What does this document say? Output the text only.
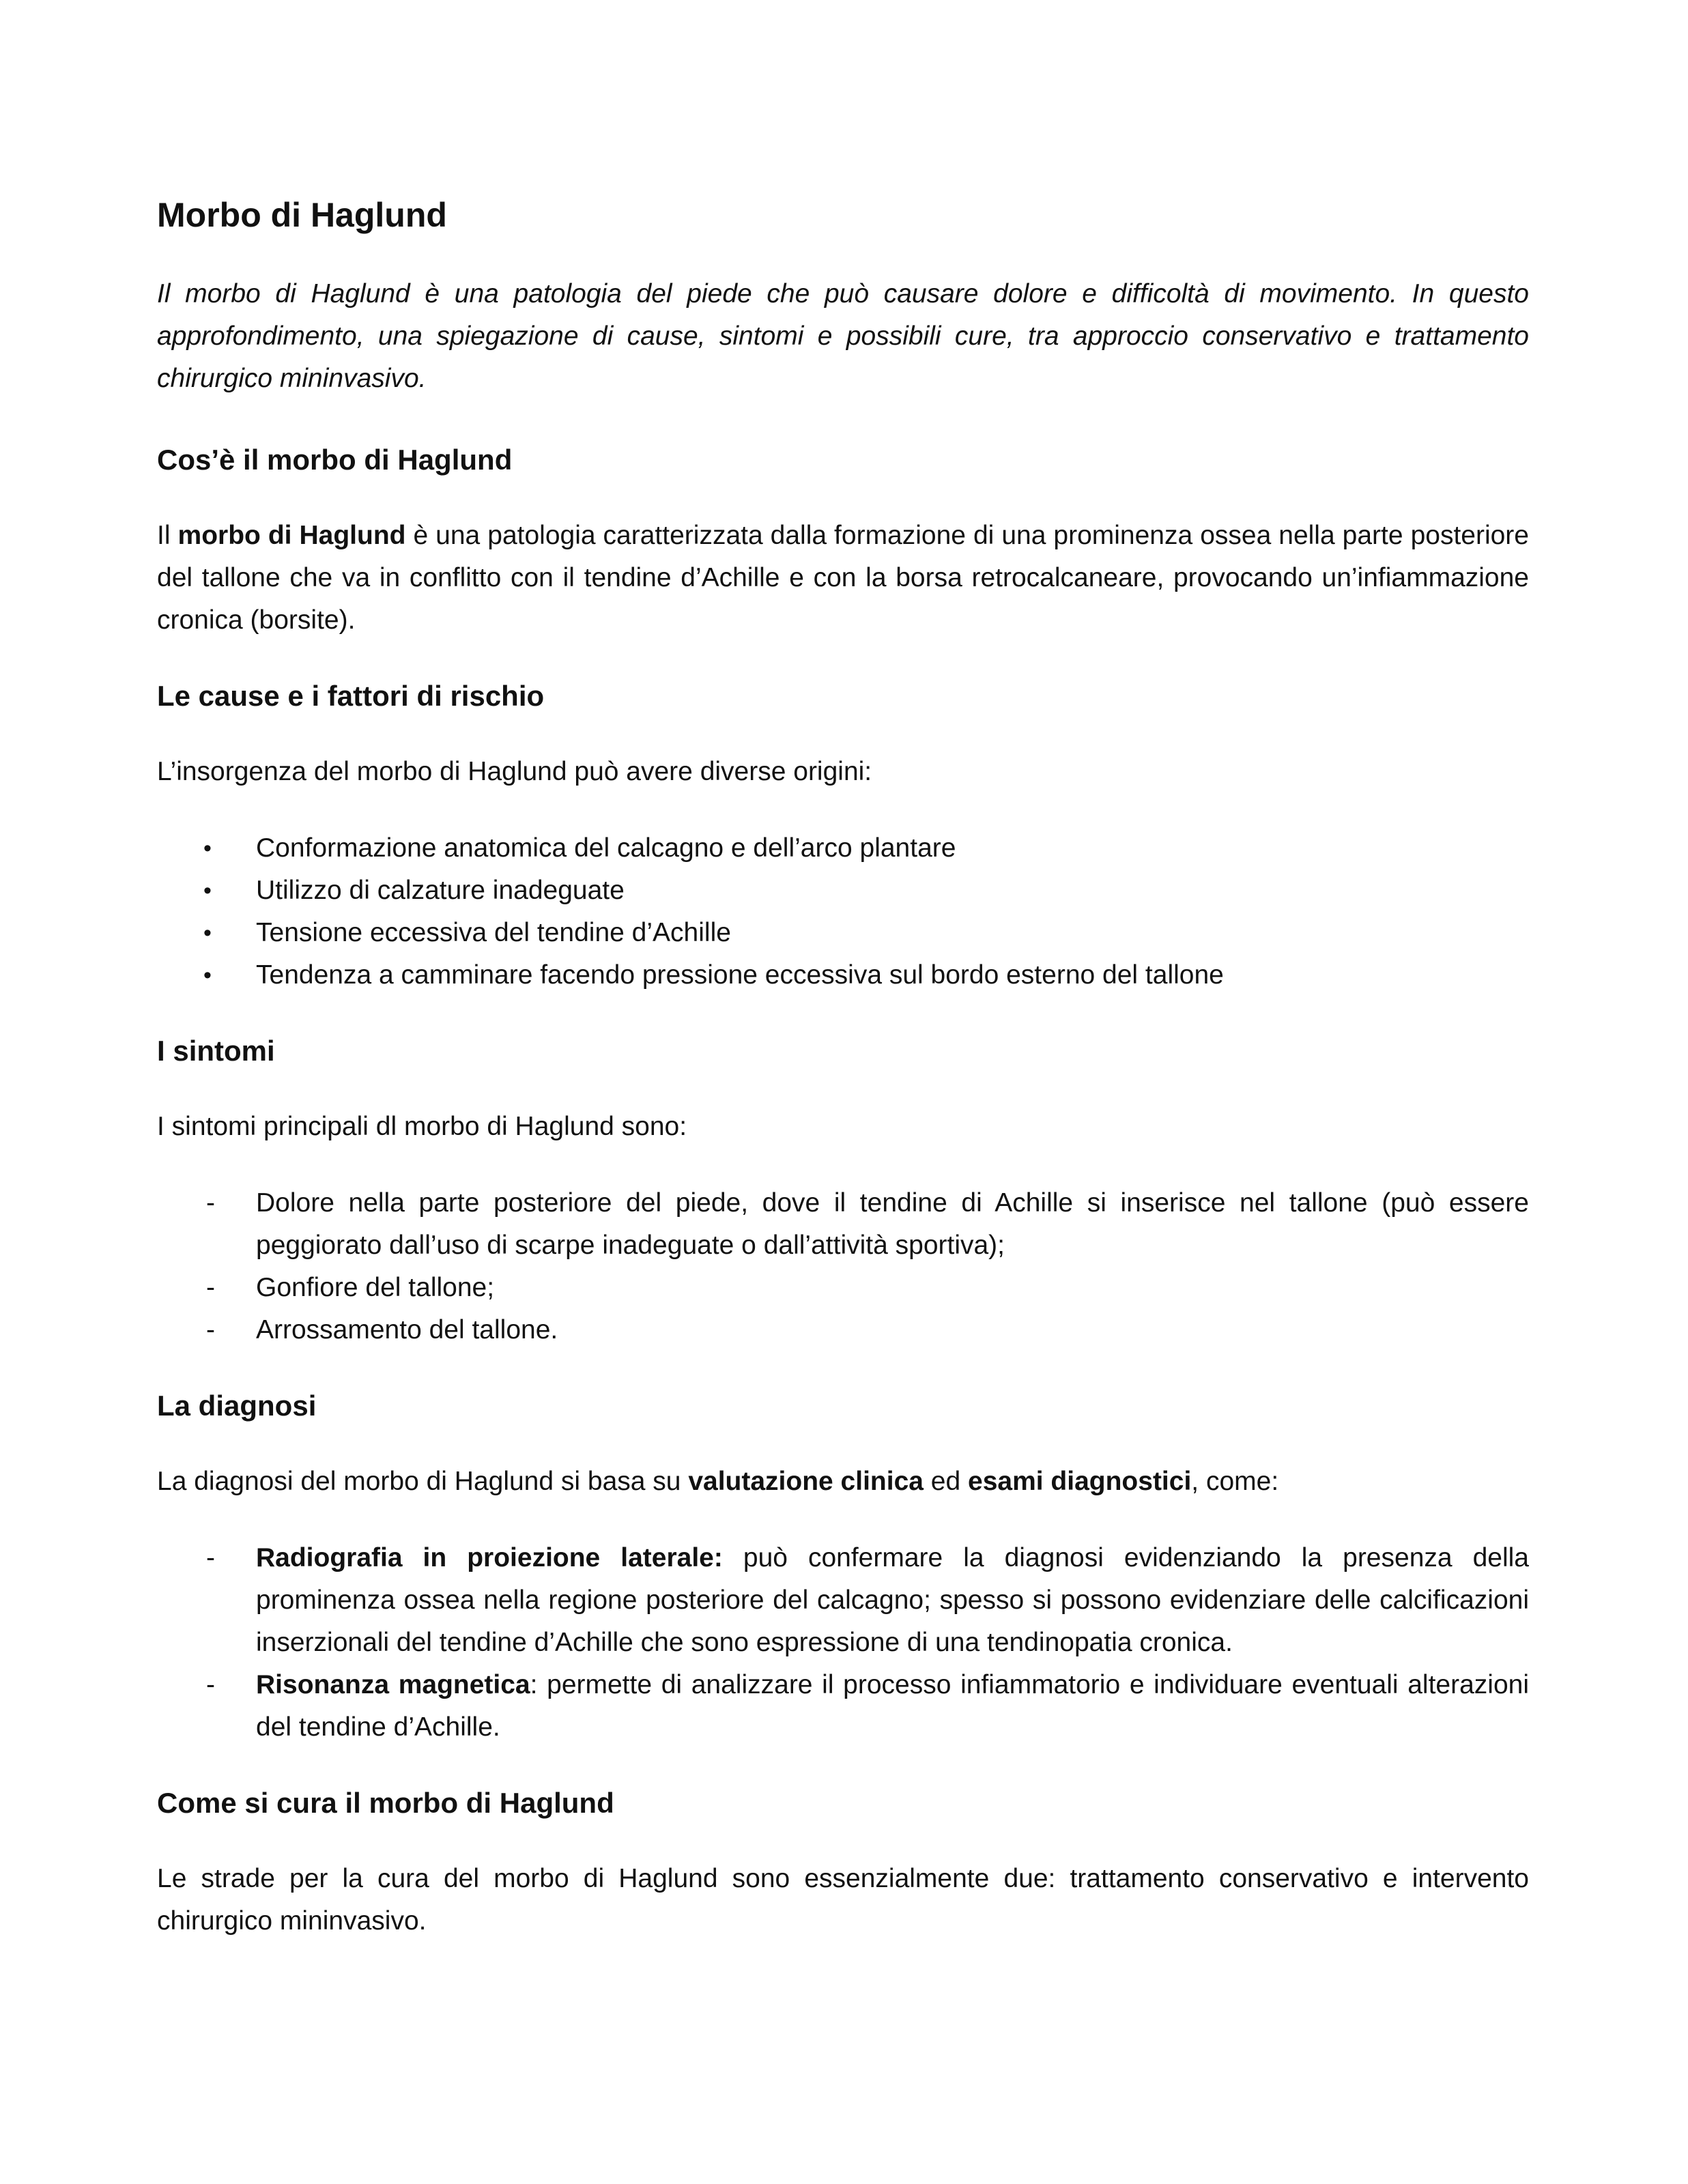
Morbo di Haglund

Il morbo di Haglund è una patologia del piede che può causare dolore e difficoltà di movimento. In questo approfondimento, una spiegazione di cause, sintomi e possibili cure, tra approccio conservativo e trattamento chirurgico mininvasivo.

Cos’è il morbo di Haglund

Il morbo di Haglund è una patologia caratterizzata dalla formazione di una prominenza ossea nella parte posteriore del tallone che va in conflitto con il tendine d’Achille e con la borsa retrocalcaneare, provocando un’infiammazione cronica (borsite).

Le cause e i fattori di rischio

L’insorgenza del morbo di Haglund può avere diverse origini:

• Conformazione anatomica del calcagno e dell’arco plantare
• Utilizzo di calzature inadeguate
• Tensione eccessiva del tendine d’Achille
• Tendenza a camminare facendo pressione eccessiva sul bordo esterno del tallone
I sintomi

I sintomi principali dl morbo di Haglund sono:

- Dolore nella parte posteriore del piede, dove il tendine di Achille si inserisce nel tallone (può essere peggiorato dall’uso di scarpe inadeguate o dall’attività sportiva);
- Gonfiore del tallone;
- Arrossamento del tallone.
La diagnosi

La diagnosi del morbo di Haglund si basa su valutazione clinica ed esami diagnostici, come:

- Radiografia in proiezione laterale: può confermare la diagnosi evidenziando la presenza della prominenza ossea nella regione posteriore del calcagno; spesso si possono evidenziare delle calcificazioni inserzionali del tendine d’Achille che sono espressione di una tendinopatia cronica.
- Risonanza magnetica: permette di analizzare il processo infiammatorio e individuare eventuali alterazioni del tendine d’Achille.
Come si cura il morbo di Haglund

Le strade per la cura del morbo di Haglund sono essenzialmente due: trattamento conservativo e intervento chirurgico mininvasivo.
